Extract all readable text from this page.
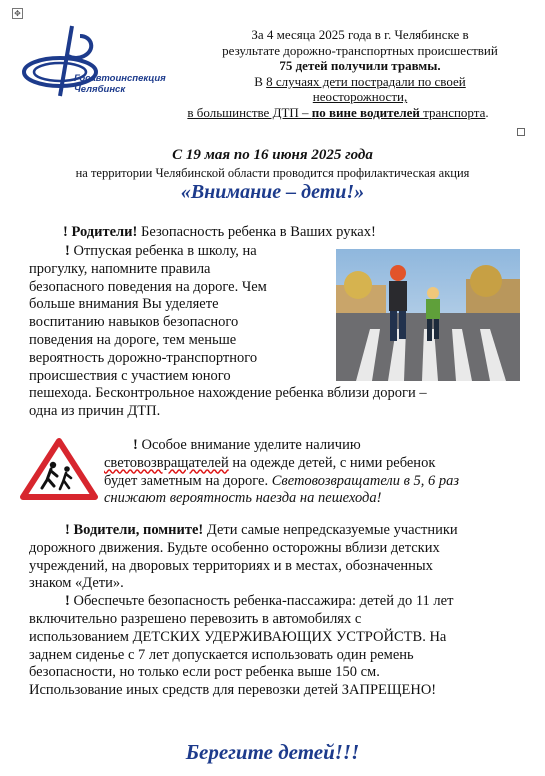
✥
Госавтоинспекция
Челябинск

За 4 месяца 2025 года в г. Челябинске в

результате дорожно-транспортных происшествий

75 детей получили травмы.

В 8 случаях дети пострадали по своей

неосторожности,

в большинстве ДТП – по вине водителей транспорта.

С 19 мая по 16 июня 2025 года
на территории Челябинской области проводится профилактическая акция
«Внимание – дети!»

! Родители! Безопасность ребенка в Ваших руках!

! Отпуская ребенка в школу, на

прогулку, напомните правила

безопасного поведения на дороге. Чем

больше внимания Вы уделяете

воспитанию навыков безопасного

поведения на дороге, тем меньше

вероятность дорожно-транспортного

происшествия с участием юного

пешехода. Бесконтрольное нахождение ребенка вблизи дороги –

одна из причин ДТП.

! Особое внимание уделите наличию

световозвращателей на одежде детей, с ними ребенок

будет заметным на дороге. Световозвращатели в 5, 6 раз

снижают вероятность наезда на пешехода!

! Водители, помните! Дети самые непредсказуемые участники

дорожного движения. Будьте особенно осторожны вблизи детских

учреждений, на дворовых территориях и в местах, обозначенных

знаком «Дети».

! Обеспечьте безопасность ребенка-пассажира: детей до 11 лет

включительно разрешено перевозить в автомобилях с

использованием ДЕТСКИХ УДЕРЖИВАЮЩИХ УСТРОЙСТВ. На

заднем сиденье с 7 лет допускается использовать один ремень

безопасности, но только если рост ребенка выше 150 см.

Использование иных средств для перевозки детей ЗАПРЕЩЕНО!

Берегите детей!!!
